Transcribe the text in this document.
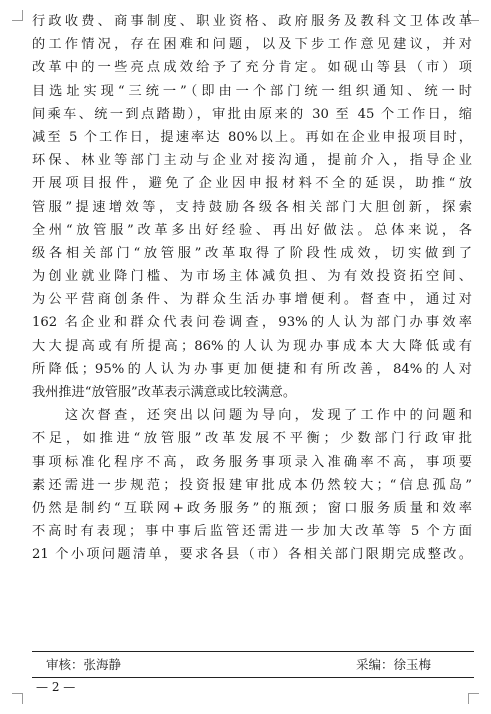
行政收费、商事制度、职业资格、政府服务及教科文卫体改革
的工作情况，存在困难和问题，以及下步工作意见建议，并对
改革中的一些亮点成效给予了充分肯定。如砚山等县（市）项
目选址实现“三统一”（即由一个部门统一组织通知、统一时
间乘车、统一到点踏勘），审批由原来的 30 至 45 个工作日，缩
减至 5 个工作日，提速率达 80%以上。再如在企业申报项目时，
环保、林业等部门主动与企业对接沟通，提前介入，指导企业
开展项目报件，避免了企业因申报材料不全的延误，助推“放
管服”提速增效等，支持鼓励各级各相关部门大胆创新，探索
全州“放管服”改革多出好经验、再出好做法。总体来说，各
级各相关部门“放管服”改革取得了阶段性成效，切实做到了
为创业就业降门槛、为市场主体减负担、为有效投资拓空间、
为公平营商创条件、为群众生活办事增便利。督查中，通过对
162 名企业和群众代表问卷调查，93%的人认为部门办事效率
大大提高或有所提高；86%的人认为现办事成本大大降低或有
所降低；95%的人认为办事更加便捷和有所改善，84%的人对
我州推进“放管服”改革表示满意或比较满意。
　　这次督查，还突出以问题为导向，发现了工作中的问题和
不足，如推进“放管服”改革发展不平衡；少数部门行政审批
事项标准化程序不高，政务服务事项录入准确率不高，事项要
素还需进一步规范；投资报建审批成本仍然较大；“信息孤岛”
仍然是制约“互联网+政务服务”的瓶颈；窗口服务质量和效率
不高时有表现；事中事后监管还需进一步加大改革等 5 个方面
21 个小项问题清单，要求各县（市）各相关部门限期完成整改。
审核：张海静	采编：徐玉梅
— 2 —
